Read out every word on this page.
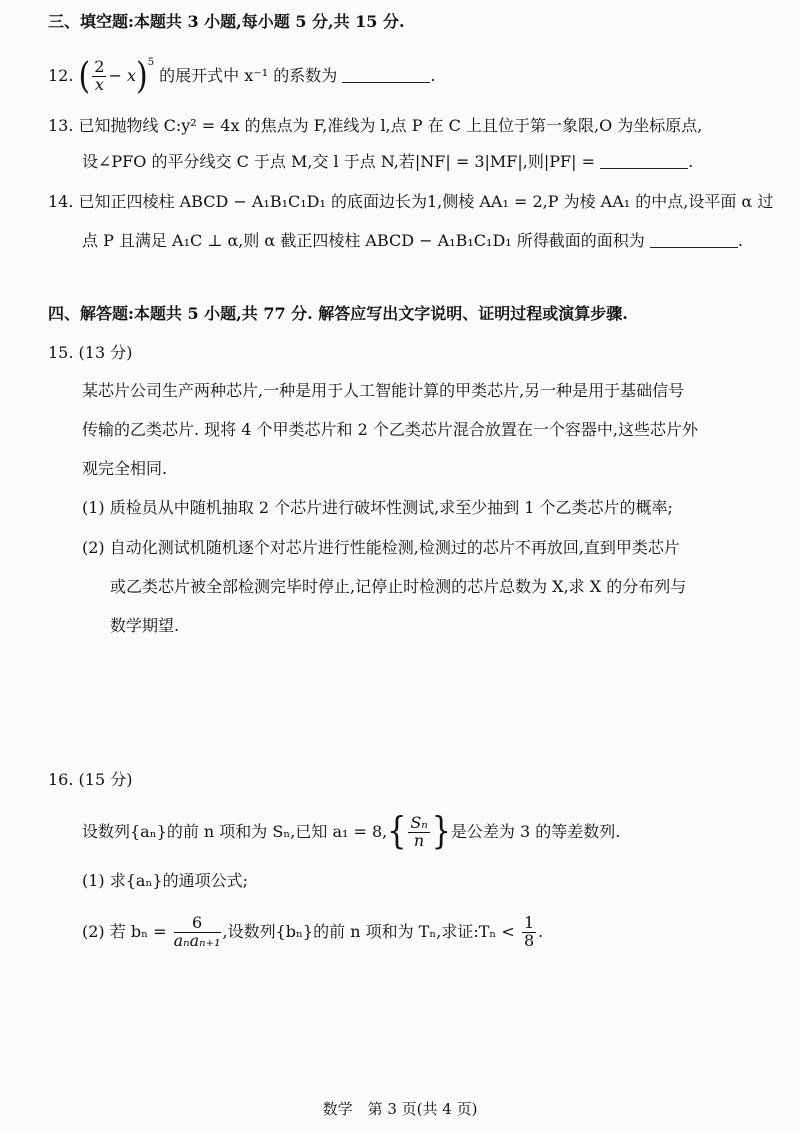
三、填空题:本题共 3 小题,每小题 5 分,共 15 分.
12. ( $\frac{2}{x} - x)^5$ 的展开式中 x⁻¹ 的系数为	.
13. 已知抛物线 C:y² = 4x 的焦点为 F,准线为 l,点 P 在 C 上且位于第一象限,O 为坐标原点,
设∠PFO 的平分线交 C 于点 M,交 l 于点 N,若|NF| = 3|MF|,则|PF| =	.
14. 已知正四棱柱 ABCD − A₁B₁C₁D₁ 的底面边长为1,侧棱 AA₁ = 2,P 为棱 AA₁ 的中点,设平面 α 过
点 P 且满足 A₁C ⊥ α,则 α 截正四棱柱 ABCD − A₁B₁C₁D₁ 所得截面的面积为	.
四、解答题:本题共 5 小题,共 77 分. 解答应写出文字说明、证明过程或演算步骤.
15. (13 分)
某芯片公司生产两种芯片,一种是用于人工智能计算的甲类芯片,另一种是用于基础信号
传输的乙类芯片. 现将 4 个甲类芯片和 2 个乙类芯片混合放置在一个容器中,这些芯片外
观完全相同.
(1) 质检员从中随机抽取 2 个芯片进行破坏性测试,求至少抽到 1 个乙类芯片的概率;
(2) 自动化测试机随机逐个对芯片进行性能检测,检测过的芯片不再放回,直到甲类芯片
或乙类芯片被全部检测完毕时停止,记停止时检测的芯片总数为 X,求 X 的分布列与
数学期望.
16. (15 分)
设数列{aₙ}的前 n 项和为 Sₙ,已知 $a_1 = 8,\{ \frac{\text{Sₙ}}{n}$ }是公差为 3 的等差数列.
(1) 求{aₙ}的通项公式;
(2) 若 $b_n = \frac{6}{\text{aₙaₙ₊₁}}$ ,设数列{bₙ}的前 n 项和为 Tₙ,求证:Tₙ < $\frac{1}{8}$ .
数学　第 3 页(共 4 页)
